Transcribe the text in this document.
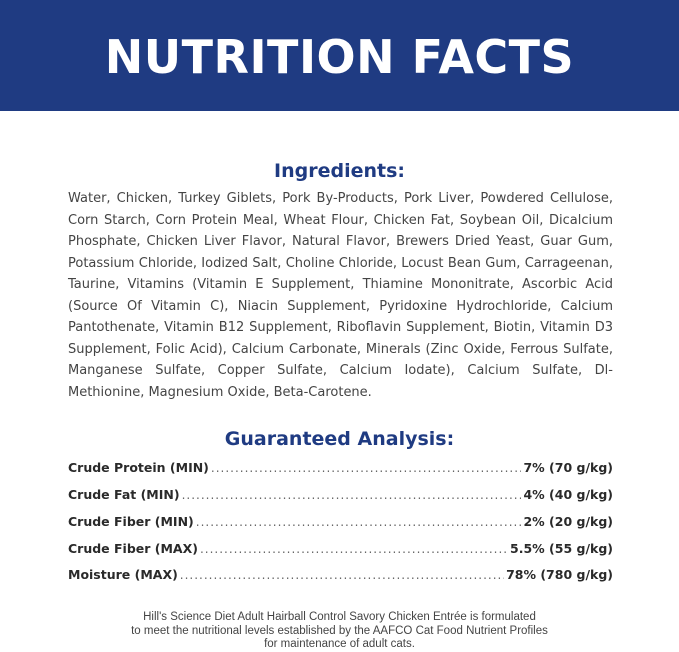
NUTRITION FACTS
Ingredients:
Water, Chicken, Turkey Giblets, Pork By-Products, Pork Liver, Powdered Cellulose, Corn Starch, Corn Protein Meal, Wheat Flour, Chicken Fat, Soybean Oil, Dicalcium Phosphate, Chicken Liver Flavor, Natural Flavor, Brewers Dried Yeast, Guar Gum, Potassium Chloride, Iodized Salt, Choline Chloride, Locust Bean Gum, Carrageenan, Taurine, Vitamins (Vitamin E Supplement, Thiamine Mononitrate, Ascorbic Acid (Source Of Vitamin C), Niacin Supplement, Pyridoxine Hydrochloride, Calcium Pantothenate, Vitamin B12 Supplement, Riboflavin Supplement, Biotin, Vitamin D3 Supplement, Folic Acid), Calcium Carbonate, Minerals (Zinc Oxide, Ferrous Sulfate, Manganese Sulfate, Copper Sulfate, Calcium Iodate), Calcium Sulfate, Dl-Methionine, Magnesium Oxide, Beta-Carotene.
Guaranteed Analysis:
Crude Protein (MIN) .....	7% (70 g/kg)
Crude Fat (MIN) .....	4% (40 g/kg)
Crude Fiber (MIN) .....	2% (20 g/kg)
Crude Fiber (MAX) .....	5.5% (55 g/kg)
Moisture (MAX) .....	78% (780 g/kg)
Hill's Science Diet Adult Hairball Control Savory Chicken Entrée is formulated
to meet the nutritional levels established by the AAFCO Cat Food Nutrient Profiles
for maintenance of adult cats.
